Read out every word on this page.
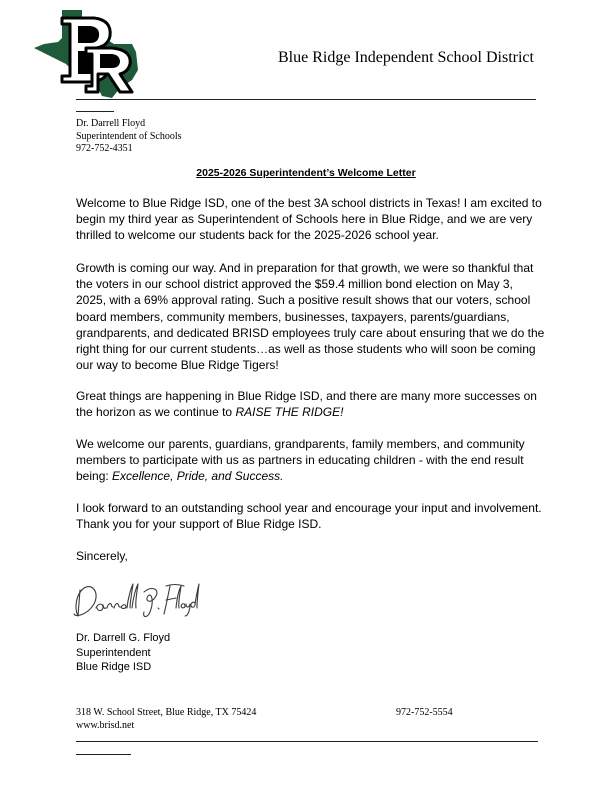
Blue Ridge Independent School District
Dr. Darrell Floyd
Superintendent of Schools
972-752-4351
2025-2026 Superintendent’s Welcome Letter
Welcome to Blue Ridge ISD, one of the best 3A school districts in Texas! I am excited to begin my third year as Superintendent of Schools here in Blue Ridge, and we are very thrilled to welcome our students back for the 2025-2026 school year.
Growth is coming our way. And in preparation for that growth, we were so thankful that the voters in our school district approved the $59.4 million bond election on May 3, 2025, with a 69% approval rating. Such a positive result shows that our voters, school board members, community members, businesses, taxpayers, parents/guardians, grandparents, and dedicated BRISD employees truly care about ensuring that we do the right thing for our current students…as well as those students who will soon be coming our way to become Blue Ridge Tigers!
Great things are happening in Blue Ridge ISD, and there are many more successes on the horizon as we continue to RAISE THE RIDGE!
We welcome our parents, guardians, grandparents, family members, and community members to participate with us as partners in educating children - with the end result being: Excellence, Pride, and Success.
I look forward to an outstanding school year and encourage your input and involvement. Thank you for your support of Blue Ridge ISD.
Sincerely,
Dr. Darrell G. Floyd
Superintendent
Blue Ridge ISD
318 W. School Street, Blue Ridge, TX 75424	972-752-5554
www.brisd.net
